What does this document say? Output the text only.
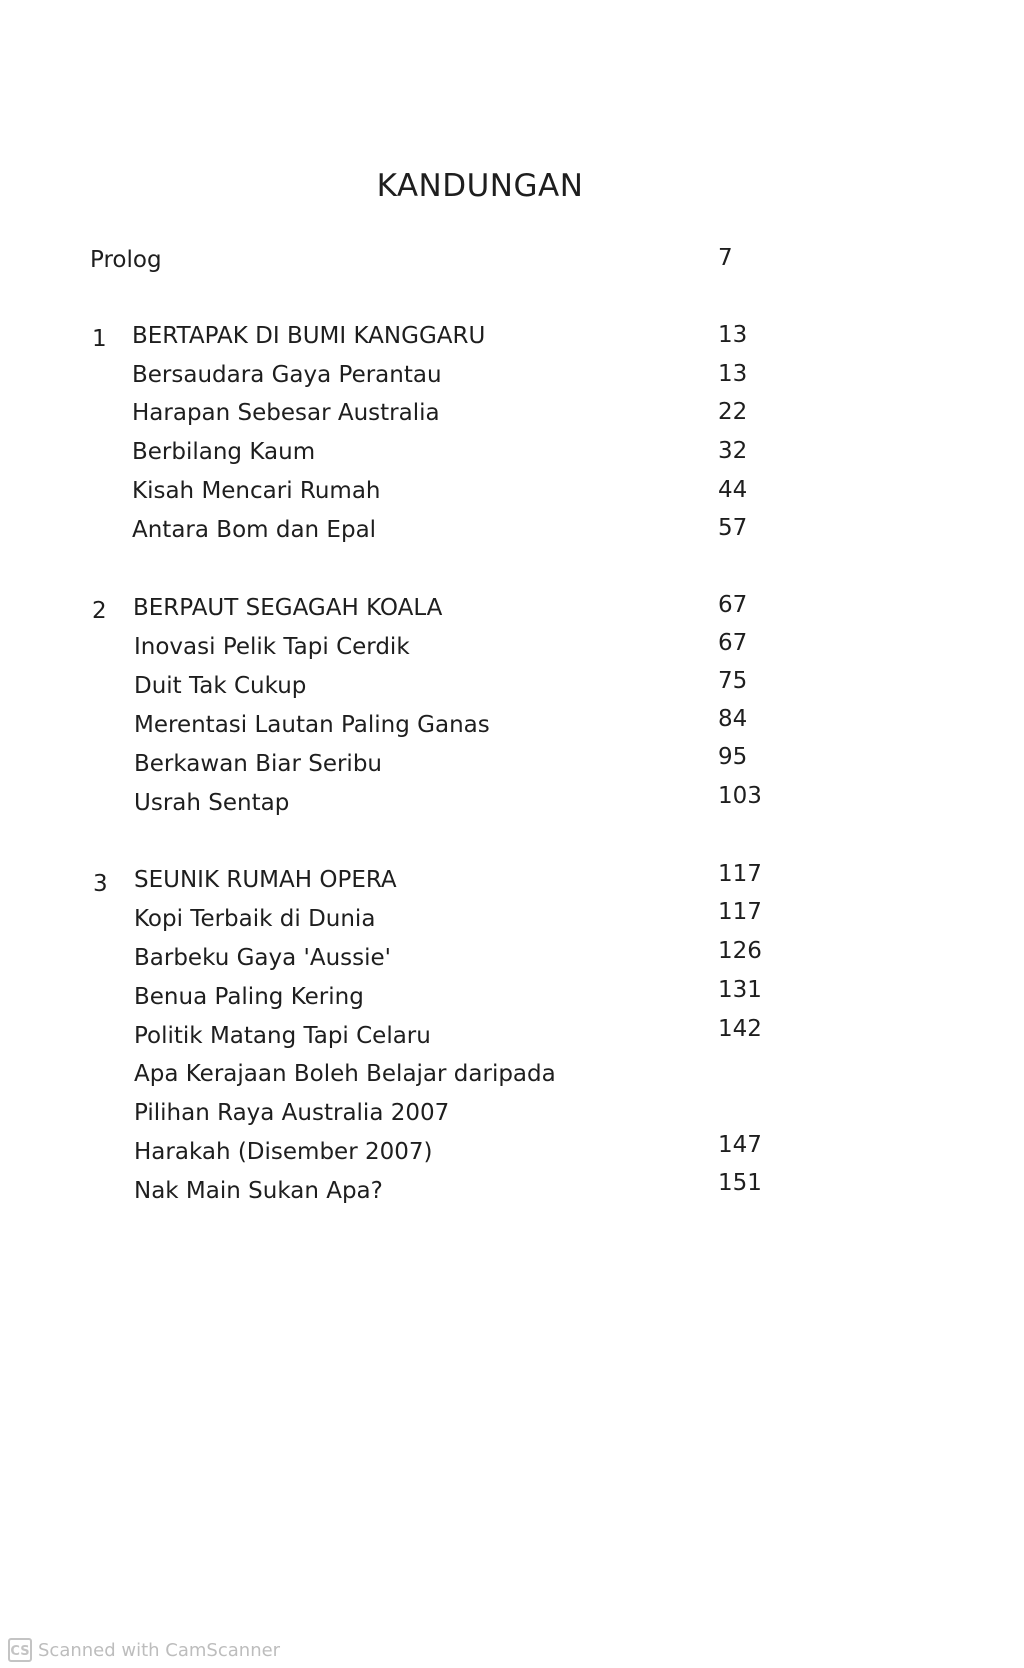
KANDUNGAN
Prolog	7
1 BERTAPAK DI BUMI KANGGARU	13
Bersaudara Gaya Perantau	13
Harapan Sebesar Australia	22
Berbilang Kaum	32
Kisah Mencari Rumah	44
Antara Bom dan Epal	57
2 BERPAUT SEGAGAH KOALA	67
Inovasi Pelik Tapi Cerdik	67
Duit Tak Cukup	75
Merentasi Lautan Paling Ganas	84
Berkawan Biar Seribu	95
Usrah Sentap	103
3 SEUNIK RUMAH OPERA	117
Kopi Terbaik di Dunia	117
Barbeku Gaya 'Aussie'	126
Benua Paling Kering	131
Politik Matang Tapi Celaru	142
Apa Kerajaan Boleh Belajar daripada
Pilihan Raya Australia 2007
Harakah (Disember 2007)	147
Nak Main Sukan Apa?	151
CS Scanned with CamScanner
